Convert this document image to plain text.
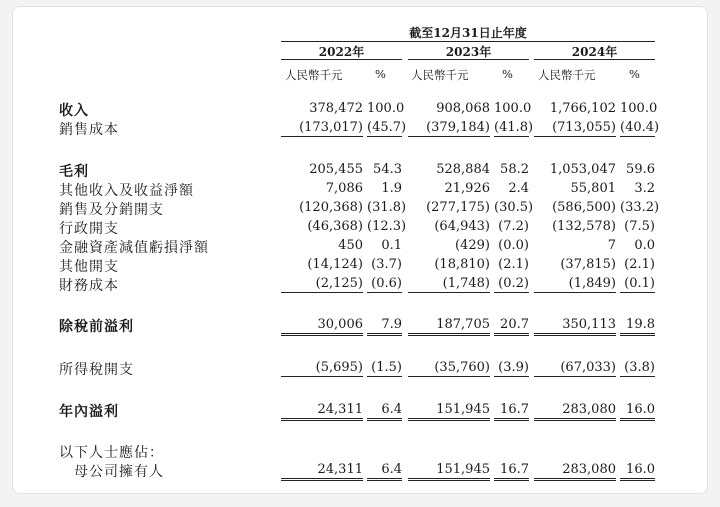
截至12月31日止年度
2022年	2023年	2024年
人民幣千元	% 人民幣千元	% 人民幣千元	%
收入	378,472 100.0	908,068 100.0	1,766,102 100.0
銷售成本	(173,017) (45.7)	(379,184) (41.8)	(713,055) (40.4)
毛利	205,455 54.3	528,884 58.2	1,053,047 59.6
其他收入及收益淨額	7,086	1.9	21,926	2.4	55,801	3.2
銷售及分銷開支	(120,368) (31.8)	(277,175) (30.5)	(586,500) (33.2)
行政開支	(46,368) (12.3)	(64,943) (7.2)	(132,578) (7.5)
金融資產減值虧損淨額	450	0.1	(429) (0.0)	7	0.0
其他開支	(14,124) (3.7)	(18,810) (2.1)	(37,815) (2.1)
財務成本	(2,125) (0.6)	(1,748) (0.2)	(1,849) (0.1)
除稅前溢利	30,006	7.9	187,705 20.7	350,113 19.8
所得稅開支	(5,695) (1.5)	(35,760) (3.9)	(67,033) (3.8)
年內溢利	24,311	6.4	151,945 16.7	283,080 16.0
以下人士應佔：
　母公司擁有人	24,311	6.4	151,945 16.7	283,080 16.0
